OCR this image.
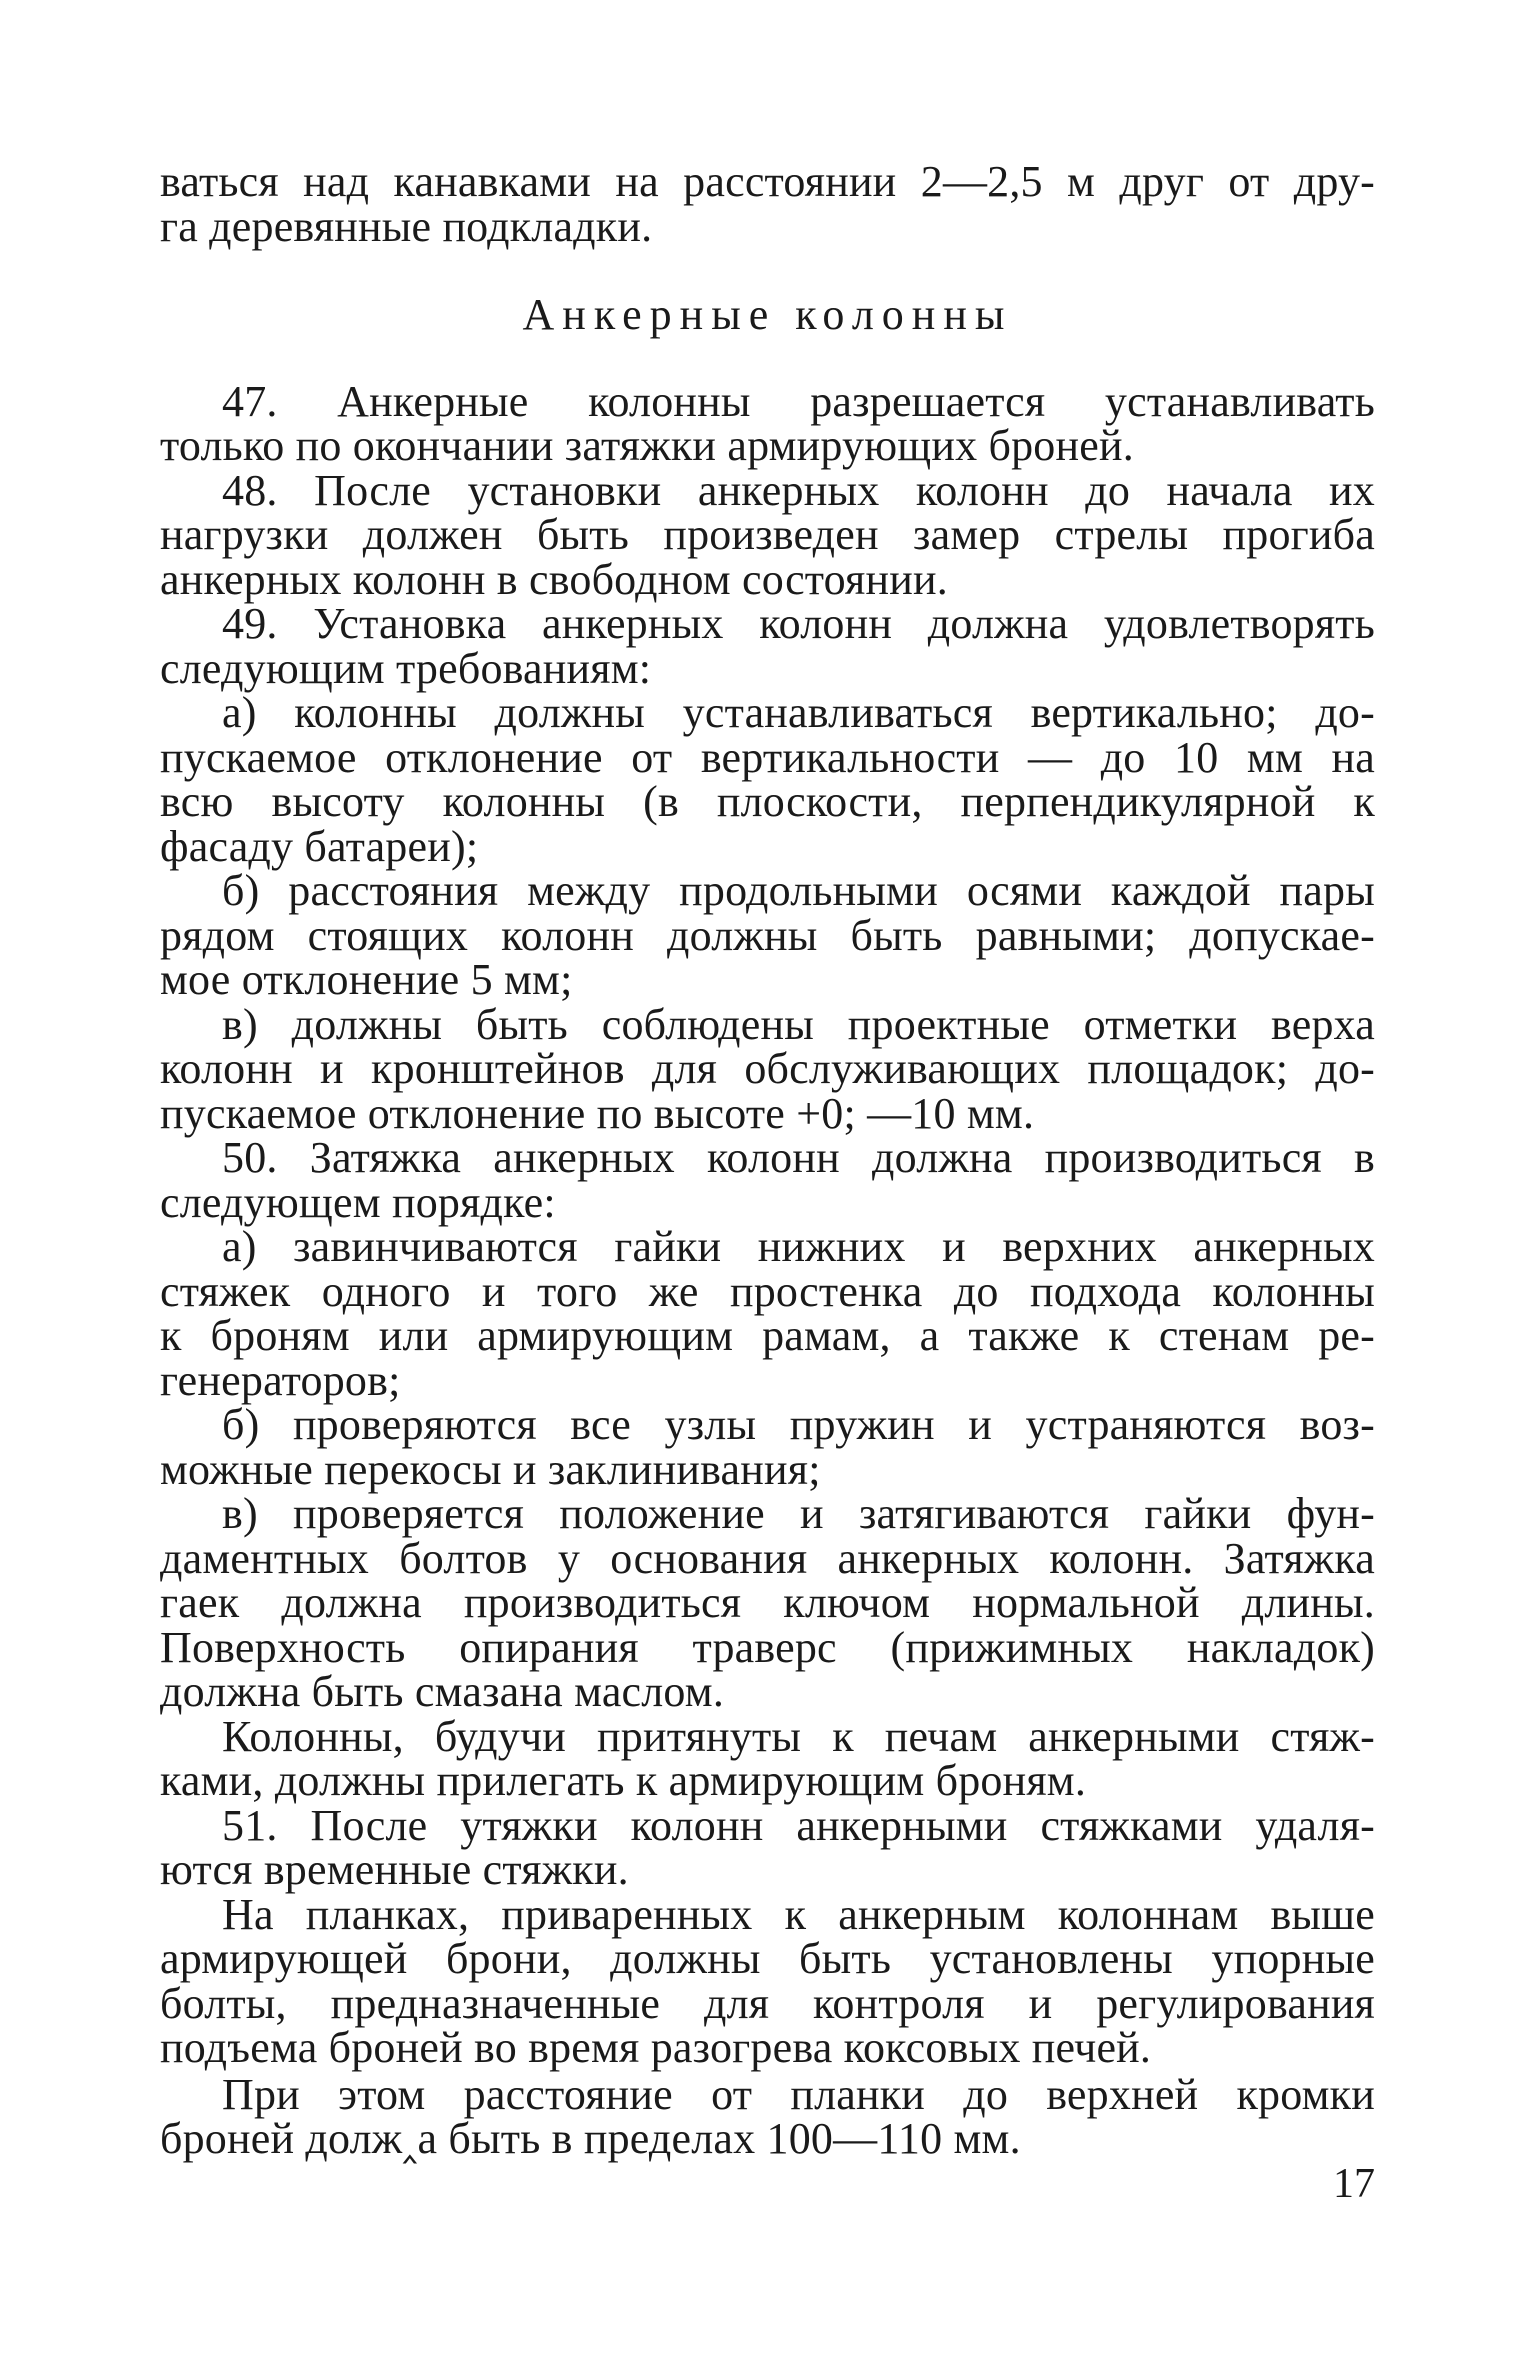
ваться над канавками на расстоянии 2—2,5 м друг от дру-
га деревянные подкладки.
Анкерные колонны
47. Анкерные колонны разрешается устанавливать
только по окончании затяжки армирующих броней.
48. После установки анкерных колонн до начала их
нагрузки должен быть произведен замер стрелы прогиба
анкерных колонн в свободном состоянии.
49. Установка анкерных колонн должна удовлетворять
следующим требованиям:
а) колонны должны устанавливаться вертикально; до-
пускаемое отклонение от вертикальности — до 10 мм на
всю высоту колонны (в плоскости, перпендикулярной к
фасаду батареи);
б) расстояния между продольными осями каждой пары
рядом стоящих колонн должны быть равными; допускае-
мое отклонение 5 мм;
в) должны быть соблюдены проектные отметки верха
колонн и кронштейнов для обслуживающих площадок; до-
пускаемое отклонение по высоте +0; —10 мм.
50. Затяжка анкерных колонн должна производиться в
следующем порядке:
а) завинчиваются гайки нижних и верхних анкерных
стяжек одного и того же простенка до подхода колонны
к броням или армирующим рамам, а также к стенам ре-
генераторов;
б) проверяются все узлы пружин и устраняются воз-
можные перекосы и заклинивания;
в) проверяется положение и затягиваются гайки фун-
даментных болтов у основания анкерных колонн. Затяжка
гаек должна производиться ключом нормальной длины.
Поверхность опирания траверс (прижимных накладок)
должна быть смазана маслом.
Колонны, будучи притянуты к печам анкерными стяж-
ками, должны прилегать к армирующим броням.
51. После утяжки колонн анкерными стяжками удаля-
ются временные стяжки.
На планках, приваренных к анкерным колоннам выше
армирующей брони, должны быть установлены упорные
болты, предназначенные для контроля и регулирования
подъема броней во время разогрева коксовых печей.
При этом расстояние от планки до верхней кромки
броней долж‸а быть в пределах 100—110 мм.
17
